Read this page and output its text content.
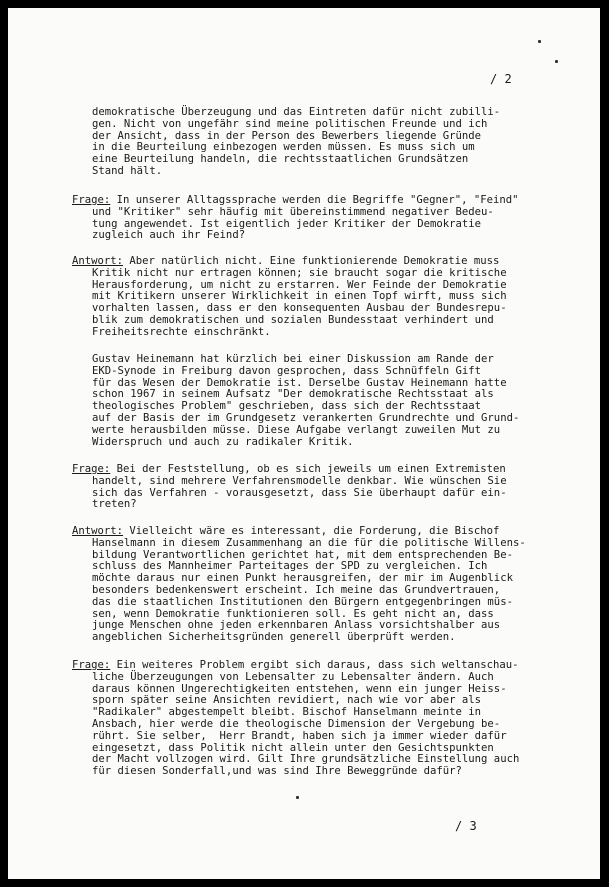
/ 2
demokratische Überzeugung und das Eintreten dafür nicht zubilli-
gen. Nicht von ungefähr sind meine politischen Freunde und ich
der Ansicht, dass in der Person des Bewerbers liegende Gründe
in die Beurteilung einbezogen werden müssen. Es muss sich um
eine Beurteilung handeln, die rechtsstaatlichen Grundsätzen
Stand hält.
Frage: In unserer Alltagssprache werden die Begriffe "Gegner", "Feind"
und "Kritiker" sehr häufig mit übereinstimmend negativer Bedeu-
tung angewendet. Ist eigentlich jeder Kritiker der Demokratie
zugleich auch ihr Feind?
Antwort: Aber natürlich nicht. Eine funktionierende Demokratie muss
Kritik nicht nur ertragen können; sie braucht sogar die kritische
Herausforderung, um nicht zu erstarren. Wer Feinde der Demokratie
mit Kritikern unserer Wirklichkeit in einen Topf wirft, muss sich
vorhalten lassen, dass er den konsequenten Ausbau der Bundesrepu-
blik zum demokratischen und sozialen Bundesstaat verhindert und
Freiheitsrechte einschränkt.
Gustav Heinemann hat kürzlich bei einer Diskussion am Rande der
EKD-Synode in Freiburg davon gesprochen, dass Schnüffeln Gift
für das Wesen der Demokratie ist. Derselbe Gustav Heinemann hatte
schon 1967 in seinem Aufsatz "Der demokratische Rechtsstaat als
theologisches Problem" geschrieben, dass sich der Rechtsstaat
auf der Basis der im Grundgesetz verankerten Grundrechte und Grund-
werte herausbilden müsse. Diese Aufgabe verlangt zuweilen Mut zu
Widerspruch und auch zu radikaler Kritik.
Frage: Bei der Feststellung, ob es sich jeweils um einen Extremisten
handelt, sind mehrere Verfahrensmodelle denkbar. Wie wünschen Sie
sich das Verfahren - vorausgesetzt, dass Sie überhaupt dafür ein-
treten?
Antwort: Vielleicht wäre es interessant, die Forderung, die Bischof
Hanselmann in diesem Zusammenhang an die für die politische Willens-
bildung Verantwortlichen gerichtet hat, mit dem entsprechenden Be-
schluss des Mannheimer Parteitages der SPD zu vergleichen. Ich
möchte daraus nur einen Punkt herausgreifen, der mir im Augenblick
besonders bedenkenswert erscheint. Ich meine das Grundvertrauen,
das die staatlichen Institutionen den Bürgern entgegenbringen müs-
sen, wenn Demokratie funktionieren soll. Es geht nicht an, dass
junge Menschen ohne jeden erkennbaren Anlass vorsichtshalber aus
angeblichen Sicherheitsgründen generell überprüft werden.
Frage: Ein weiteres Problem ergibt sich daraus, dass sich weltanschau-
liche Überzeugungen von Lebensalter zu Lebensalter ändern. Auch
daraus können Ungerechtigkeiten entstehen, wenn ein junger Heiss-
sporn später seine Ansichten revidiert, nach wie vor aber als
"Radikaler" abgestempelt bleibt. Bischof Hanselmann meinte in
Ansbach, hier werde die theologische Dimension der Vergebung be-
rührt. Sie selber,  Herr Brandt, haben sich ja immer wieder dafür
eingesetzt, dass Politik nicht allein unter den Gesichtspunkten
der Macht vollzogen wird. Gilt Ihre grundsätzliche Einstellung auch
für diesen Sonderfall,und was sind Ihre Beweggründe dafür?
/ 3
